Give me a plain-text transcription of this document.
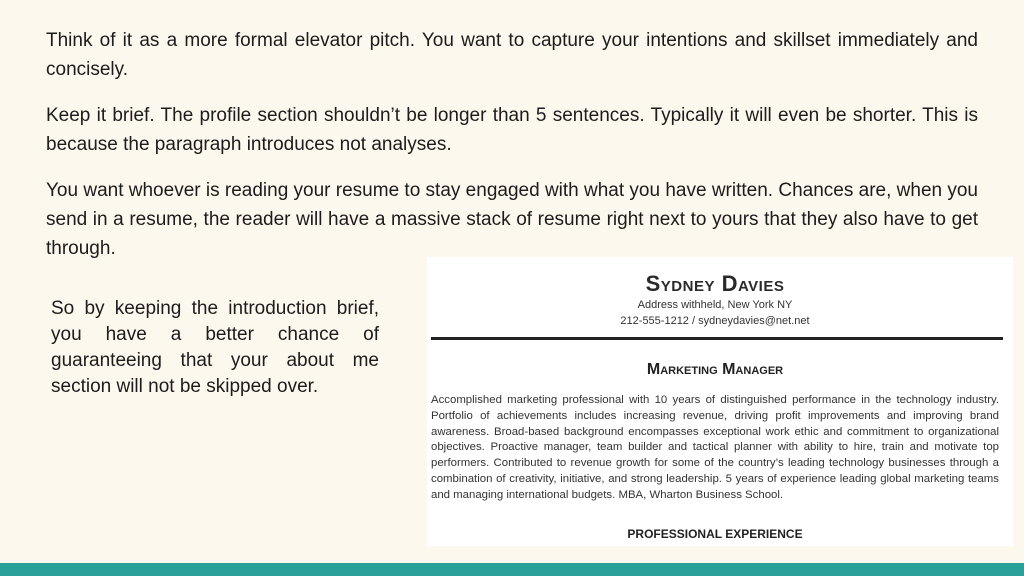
Think of it as a more formal elevator pitch. You want to capture your intentions and skillset immediately and concisely.

Keep it brief. The profile section shouldn’t be longer than 5 sentences. Typically it will even be shorter. This is because the paragraph introduces not analyses.

You want whoever is reading your resume to stay engaged with what you have written. Chances are, when you send in a resume, the reader will have a massive stack of resume right next to yours that they also have to get through.

So by keeping the introduction brief, you have a better chance of guaranteeing that your about me section will not be skipped over.

Sydney Davies
Address withheld, New York NY
212-555-1212 / sydneydavies@net.net
Marketing Manager

Accomplished marketing professional with 10 years of distinguished performance in the technology industry. Portfolio of achievements includes increasing revenue, driving profit improvements and improving brand awareness. Broad-based background encompasses exceptional work ethic and commitment to organizational objectives. Proactive manager, team builder and tactical planner with ability to hire, train and motivate top performers. Contributed to revenue growth for some of the country’s leading technology businesses through a combination of creativity, initiative, and strong leadership. 5 years of experience leading global marketing teams and managing international budgets. MBA, Wharton Business School.

PROFESSIONAL EXPERIENCE
